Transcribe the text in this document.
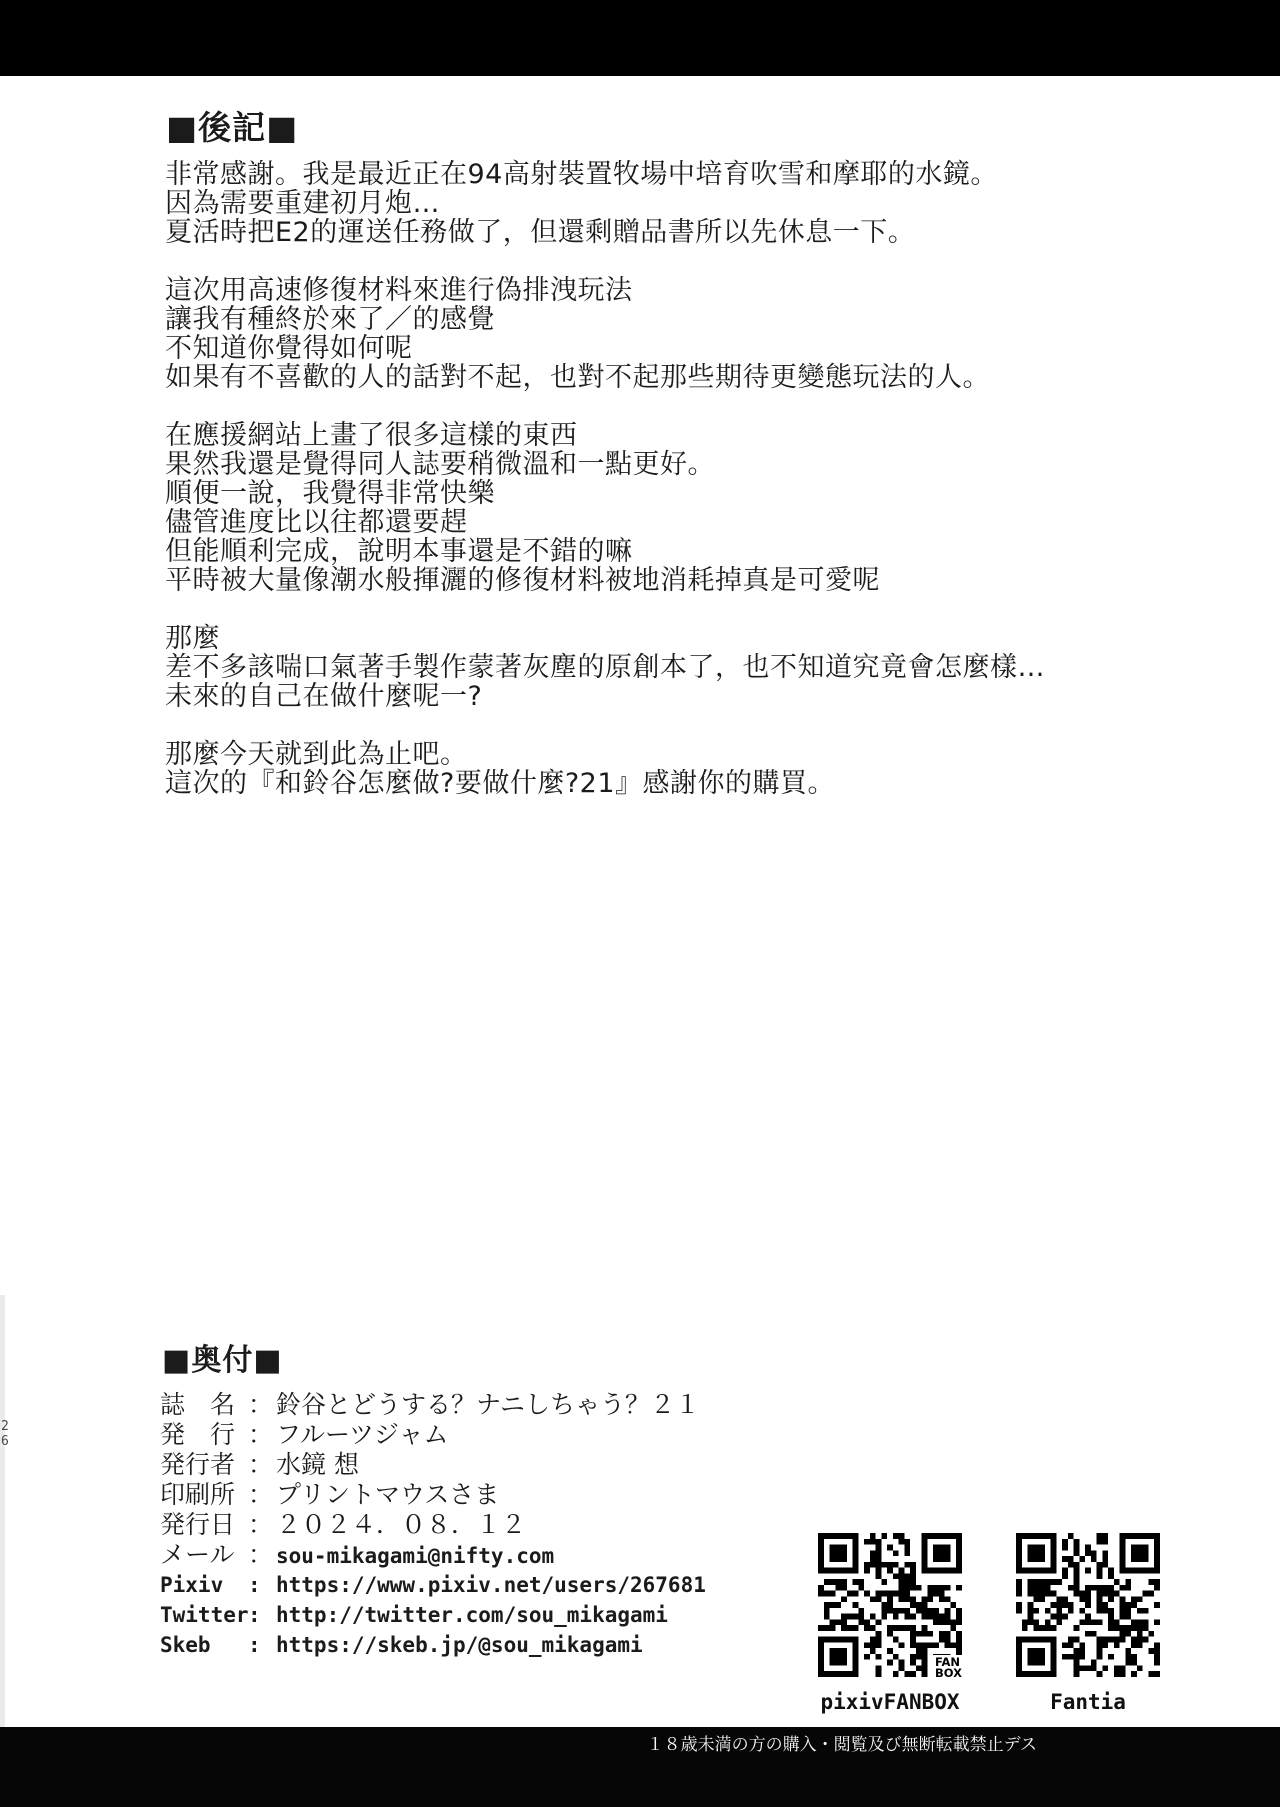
■後記■
非常感謝。我是最近正在94高射裝置牧場中培育吹雪和摩耶的水鏡。
因為需要重建初月炮…
夏活時把E2的運送任務做了，但還剩贈品書所以先休息一下。

這次用高速修復材料來進行偽排洩玩法
讓我有種終於來了／的感覺
不知道你覺得如何呢
如果有不喜歡的人的話對不起，也對不起那些期待更變態玩法的人。

在應援網站上畫了很多這樣的東西
果然我還是覺得同人誌要稍微溫和一點更好。
順便一說，我覺得非常快樂
儘管進度比以往都還要趕
但能順利完成，說明本事還是不錯的嘛
平時被大量像潮水般揮灑的修復材料被地消耗掉真是可愛呢

那麼
差不多該喘口氣著手製作蒙著灰塵的原創本了，也不知道究竟會怎麼樣…
未來的自己在做什麼呢一?

那麼今天就到此為止吧。
這次的『和鈴谷怎麼做?要做什麼?21』感謝你的購買。
26
■奥付■
誌　名 ： 鈴谷とどうする？ナニしちゃう？２１
発　行 ： フルーツジャム
発行者 ： 水鏡 想
印刷所 ： プリントマウスさま
発行日 ： ２０２４．０８．１２
メール ： sou-mikagami@nifty.com
Pixiv	: https://www.pixiv.net/users/267681
Twitter : http://twitter.com/sou_mikagami
Skeb	: https://skeb.jp/@sou_mikagami
FAN
BOX
pixivFANBOX	Fantia
１８歳未満の方の購入・閲覧及び無断転載禁止デス
